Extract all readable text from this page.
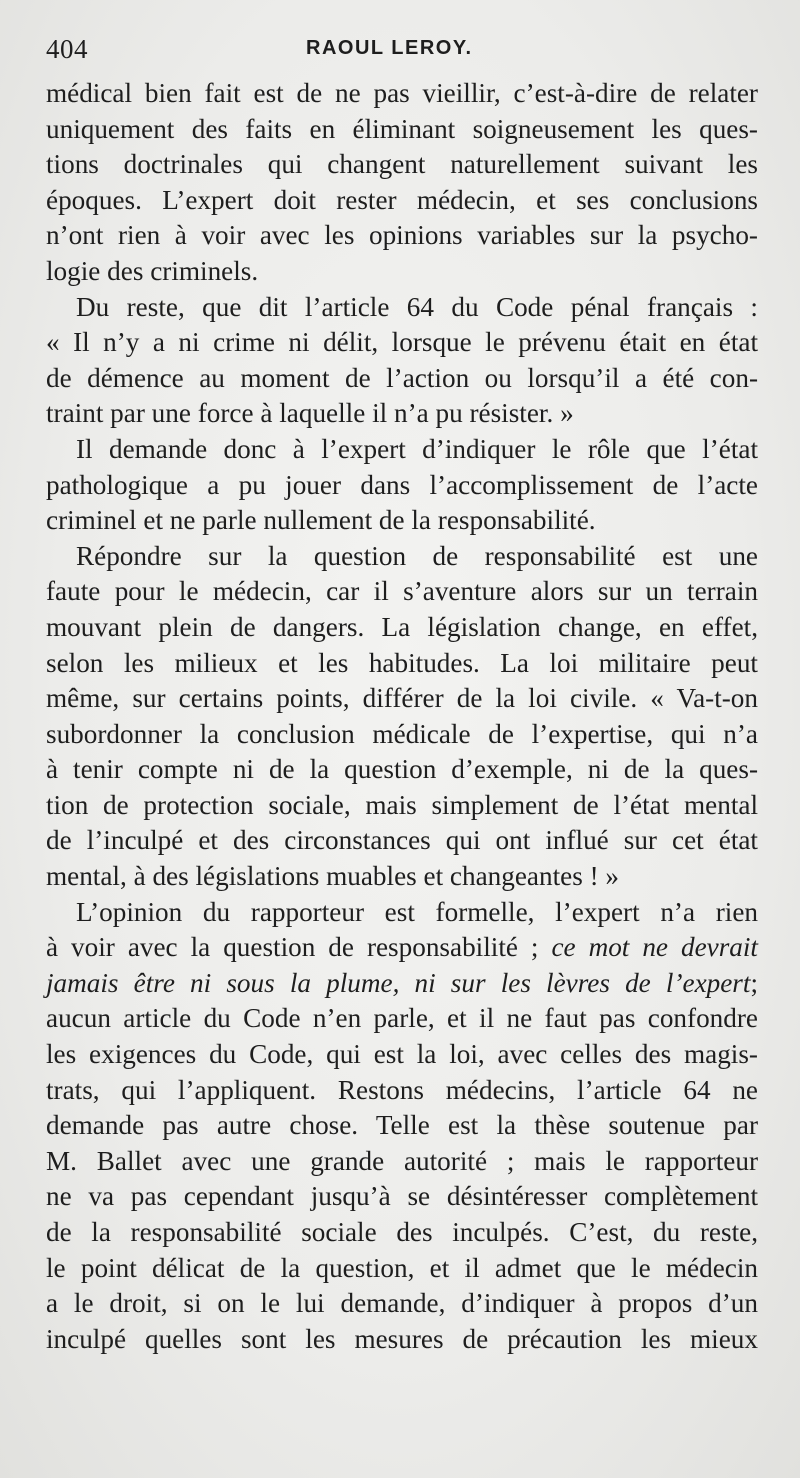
404	RAOUL LEROY.
médical bien fait est de ne pas vieillir, c’est-à-dire de relater
uniquement des faits en éliminant soigneusement les ques-
tions doctrinales qui changent naturellement suivant les
époques. L’expert doit rester médecin, et ses conclusions
n’ont rien à voir avec les opinions variables sur la psycho-
logie des criminels.
Du reste, que dit l’article 64 du Code pénal français :
« Il n’y a ni crime ni délit, lorsque le prévenu était en état
de démence au moment de l’action ou lorsqu’il a été con-
traint par une force à laquelle il n’a pu résister. »
Il demande donc à l’expert d’indiquer le rôle que l’état
pathologique a pu jouer dans l’accomplissement de l’acte
criminel et ne parle nullement de la responsabilité.
Répondre sur la question de responsabilité est une
faute pour le médecin, car il s’aventure alors sur un terrain
mouvant plein de dangers. La législation change, en effet,
selon les milieux et les habitudes. La loi militaire peut
même, sur certains points, différer de la loi civile. « Va-t-on
subordonner la conclusion médicale de l’expertise, qui n’a
à tenir compte ni de la question d’exemple, ni de la ques-
tion de protection sociale, mais simplement de l’état mental
de l’inculpé et des circonstances qui ont influé sur cet état
mental, à des législations muables et changeantes ! »
L’opinion du rapporteur est formelle, l’expert n’a rien
à voir avec la question de responsabilité ; ce mot ne devrait
jamais être ni sous la plume, ni sur les lèvres de l’expert;
aucun article du Code n’en parle, et il ne faut pas confondre
les exigences du Code, qui est la loi, avec celles des magis-
trats, qui l’appliquent. Restons médecins, l’article 64 ne
demande pas autre chose. Telle est la thèse soutenue par
M. Ballet avec une grande autorité ; mais le rapporteur
ne va pas cependant jusqu’à se désintéresser complètement
de la responsabilité sociale des inculpés. C’est, du reste,
le point délicat de la question, et il admet que le médecin
a le droit, si on le lui demande, d’indiquer à propos d’un
inculpé quelles sont les mesures de précaution les mieux
